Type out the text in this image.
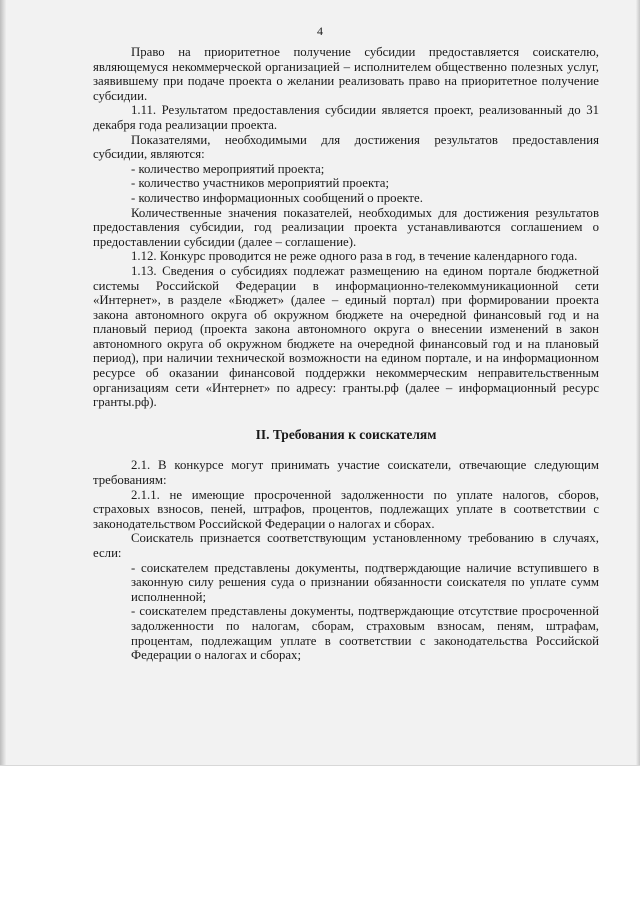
4

Право на приоритетное получение субсидии предоставляется соискателю, являющемуся некоммерческой организацией – исполнителем общественно полезных услуг, заявившему при подаче проекта о желании реализовать право на приоритетное получение субсидии.

1.11. Результатом предоставления субсидии является проект, реализованный до 31 декабря года реализации проекта.

Показателями, необходимыми для достижения результатов предоставления субсидии, являются:

- количество мероприятий проекта;

- количество участников мероприятий проекта;

- количество информационных сообщений о проекте.

Количественные значения показателей, необходимых для достижения результатов предоставления субсидии, год реализации проекта устанавливаются соглашением о предоставлении субсидии (далее – соглашение).

1.12. Конкурс проводится не реже одного раза в год, в течение календарного года.

1.13. Сведения о субсидиях подлежат размещению на едином портале бюджетной системы Российской Федерации в информационно-телекоммуникационной сети «Интернет», в разделе «Бюджет» (далее – единый портал) при формировании проекта закона автономного округа об окружном бюджете на очередной финансовый год и на плановый период (проекта закона автономного округа о внесении изменений в закон автономного округа об окружном бюджете на очередной финансовый год и на плановый период), при наличии технической возможности на едином портале, и на информационном ресурсе об оказании финансовой поддержки некоммерческим неправительственным организациям сети «Интернет» по адресу: гранты.рф (далее – информационный ресурс гранты.рф).

II. Требования к соискателям

2.1. В конкурсе могут принимать участие соискатели, отвечающие следующим требованиям:

2.1.1. не имеющие просроченной задолженности по уплате налогов, сборов, страховых взносов, пеней, штрафов, процентов, подлежащих уплате в соответствии с законодательством Российской Федерации о налогах и сборах.

Соискатель признается соответствующим установленному требованию в случаях, если:

- соискателем представлены документы, подтверждающие наличие вступившего в законную силу решения суда о признании обязанности соискателя по уплате сумм исполненной;

- соискателем представлены документы, подтверждающие отсутствие просроченной задолженности по налогам, сборам, страховым взносам, пеням, штрафам, процентам, подлежащим уплате в соответствии с законодательства Российской Федерации о налогах и сборах;
